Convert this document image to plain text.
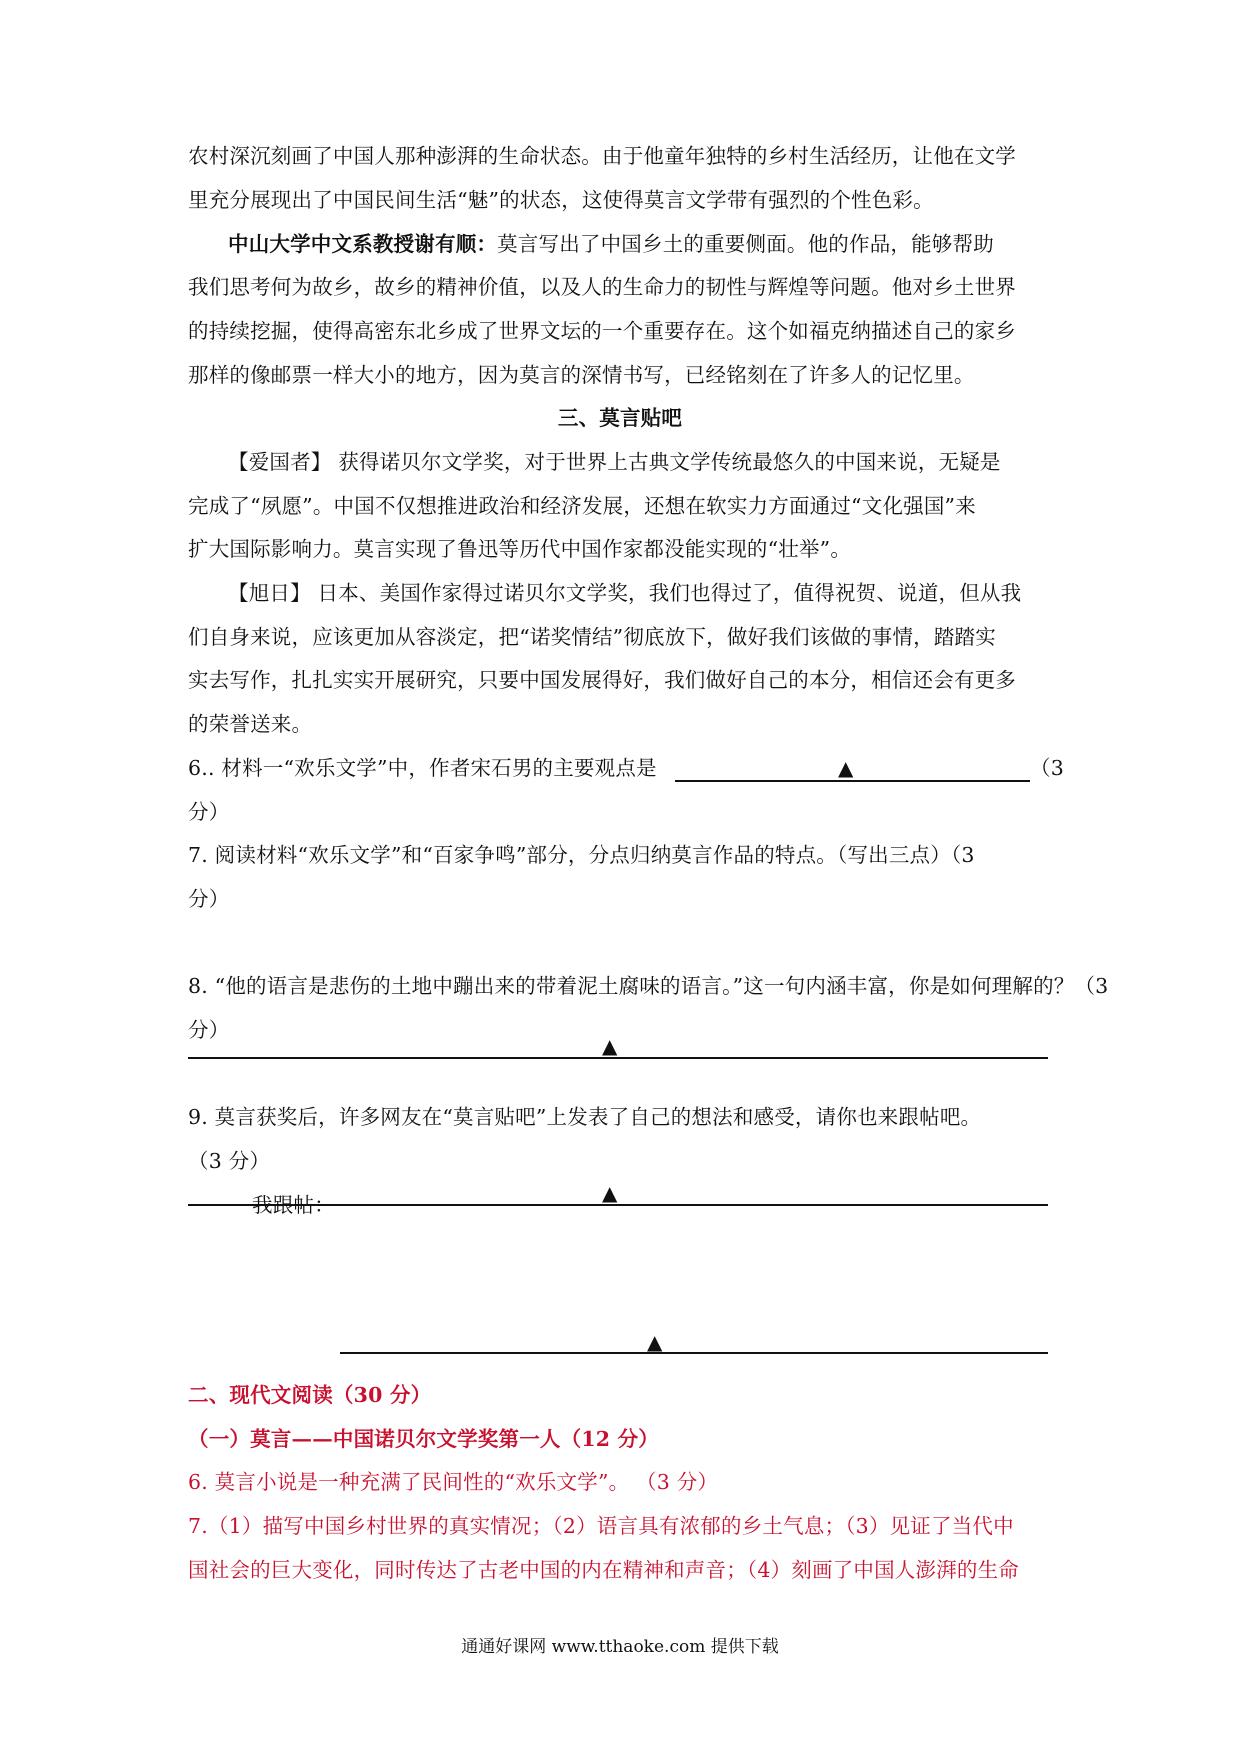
农村深沉刻画了中国人那种澎湃的生命状态。由于他童年独特的乡村生活经历，让他在文学
里充分展现出了中国民间生活“魅”的状态，这使得莫言文学带有强烈的个性色彩。
中山大学中文系教授谢有顺：莫言写出了中国乡土的重要侧面。他的作品，能够帮助
我们思考何为故乡，故乡的精神价值，以及人的生命力的韧性与辉煌等问题。他对乡土世界
的持续挖掘，使得高密东北乡成了世界文坛的一个重要存在。这个如福克纳描述自己的家乡
那样的像邮票一样大小的地方，因为莫言的深情书写，已经铭刻在了许多人的记忆里。
三、莫言贴吧
【爱国者】 获得诺贝尔文学奖，对于世界上古典文学传统最悠久的中国来说，无疑是
完成了“夙愿”。中国不仅想推进政治和经济发展，还想在软实力方面通过“文化强国”来
扩大国际影响力。莫言实现了鲁迅等历代中国作家都没能实现的“壮举”。
【旭日】 日本、美国作家得过诺贝尔文学奖，我们也得过了，值得祝贺、说道，但从我
们自身来说，应该更加从容淡定，把“诺奖情结”彻底放下，做好我们该做的事情，踏踏实
实去写作，扎扎实实开展研究，只要中国发展得好，我们做好自己的本分，相信还会有更多
的荣誉送来。
6.. 材料一“欢乐文学”中，作者宋石男的主要观点是	▲	（3
分）
7. 阅读材料“欢乐文学”和“百家争鸣”部分，分点归纳莫言作品的特点。（写出三点）（3
分）
▲
8. “他的语言是悲伤的土地中蹦出来的带着泥土腐味的语言。”这一句内涵丰富，你是如何理解的？（3
分）
▲
9. 莫言获奖后，许多网友在“莫言贴吧”上发表了自己的想法和感受，请你也来跟帖吧。
（3 分）
我跟帖：
▲
二、现代文阅读（30 分）
（一）莫言——中国诺贝尔文学奖第一人（12 分）
6. 莫言小说是一种充满了民间性的“欢乐文学”。 （3 分）
7.（1）描写中国乡村世界的真实情况；（2）语言具有浓郁的乡土气息；（3）见证了当代中
国社会的巨大变化，同时传达了古老中国的内在精神和声音；（4）刻画了中国人澎湃的生命
通通好课网 www.tthaoke.com 提供下载
